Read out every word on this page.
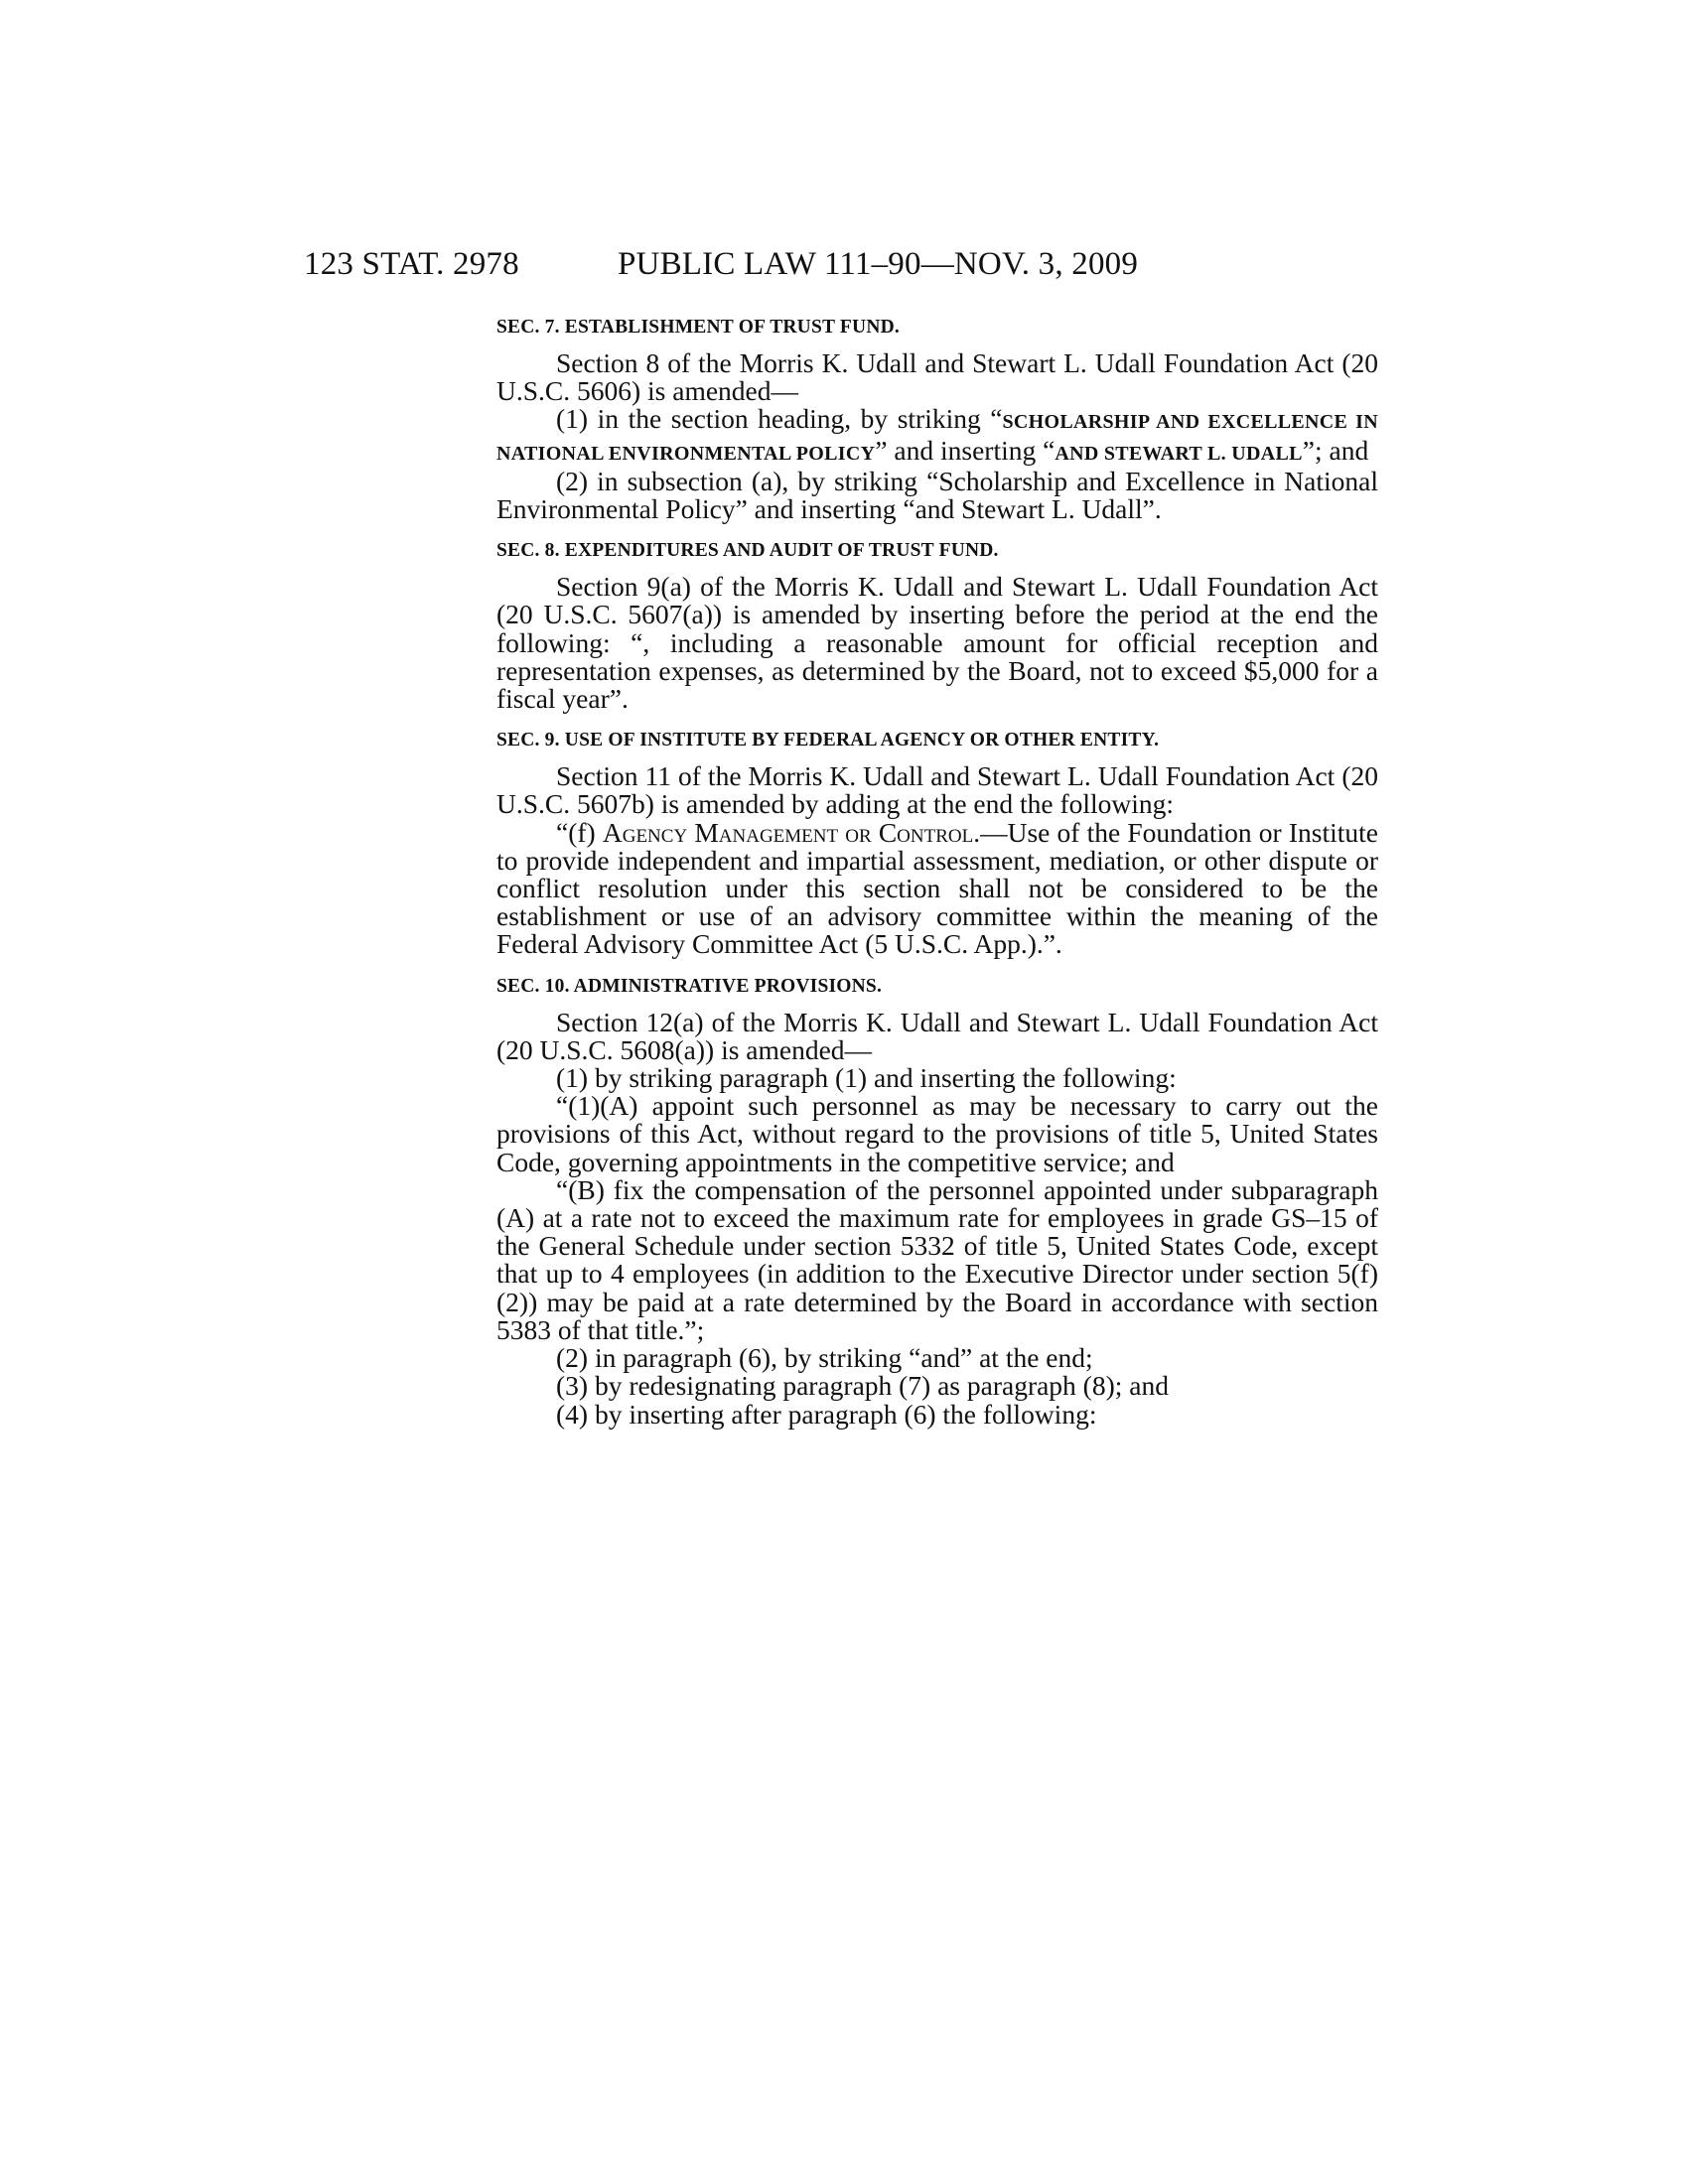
123 STAT. 2978	PUBLIC LAW 111–90—NOV. 3, 2009
SEC. 7. ESTABLISHMENT OF TRUST FUND.

Section 8 of the Morris K. Udall and Stewart L. Udall Foundation Act (20 U.S.C. 5606) is amended—

(1) in the section heading, by striking “SCHOLARSHIP AND EXCELLENCE IN NATIONAL ENVIRONMENTAL POLICY” and inserting “AND STEWART L. UDALL”; and

(2) in subsection (a), by striking “Scholarship and Excellence in National Environmental Policy” and inserting “and Stewart L. Udall”.

SEC. 8. EXPENDITURES AND AUDIT OF TRUST FUND.

Section 9(a) of the Morris K. Udall and Stewart L. Udall Foundation Act (20 U.S.C. 5607(a)) is amended by inserting before the period at the end the following: “, including a reasonable amount for official reception and representation expenses, as determined by the Board, not to exceed $5,000 for a fiscal year”.

SEC. 9. USE OF INSTITUTE BY FEDERAL AGENCY OR OTHER ENTITY.

Section 11 of the Morris K. Udall and Stewart L. Udall Foundation Act (20 U.S.C. 5607b) is amended by adding at the end the following:

“(f) Agency Management or Control.—Use of the Foundation or Institute to provide independent and impartial assessment, mediation, or other dispute or conflict resolution under this section shall not be considered to be the establishment or use of an advisory committee within the meaning of the Federal Advisory Committee Act (5 U.S.C. App.).”.

SEC. 10. ADMINISTRATIVE PROVISIONS.

Section 12(a) of the Morris K. Udall and Stewart L. Udall Foundation Act (20 U.S.C. 5608(a)) is amended—

(1) by striking paragraph (1) and inserting the following:

“(1)(A) appoint such personnel as may be necessary to carry out the provisions of this Act, without regard to the provisions of title 5, United States Code, governing appointments in the competitive service; and

“(B) fix the compensation of the personnel appointed under subparagraph (A) at a rate not to exceed the maximum rate for employees in grade GS–15 of the General Schedule under section 5332 of title 5, United States Code, except that up to 4 employees (in addition to the Executive Director under section 5(f)(2)) may be paid at a rate determined by the Board in accordance with section 5383 of that title.”;

(2) in paragraph (6), by striking “and” at the end;

(3) by redesignating paragraph (7) as paragraph (8); and

(4) by inserting after paragraph (6) the following:
